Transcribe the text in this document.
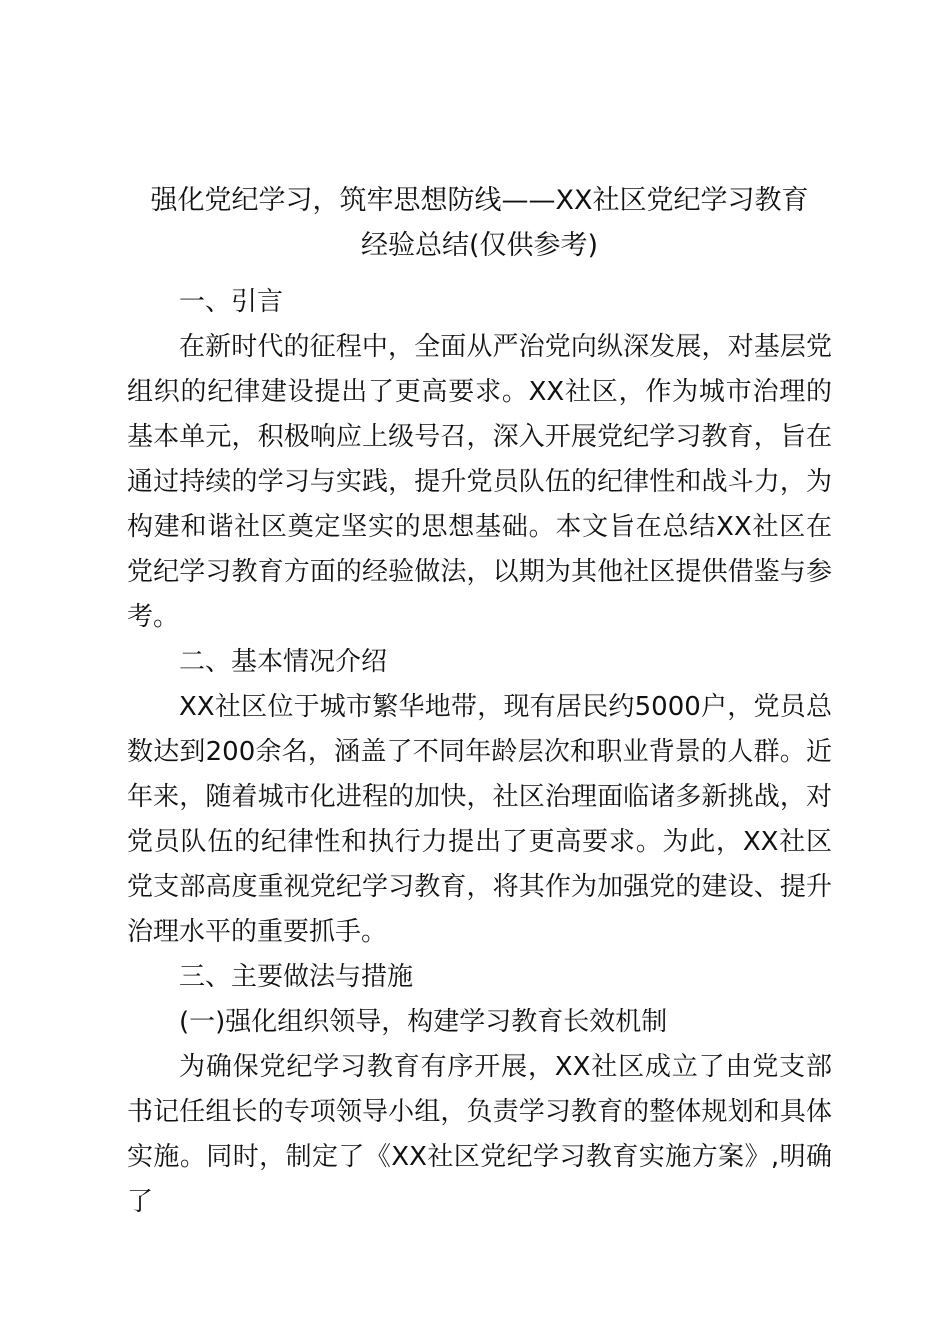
强化党纪学习，筑牢思想防线——XX社区党纪学习教育
经验总结(仅供参考)

一、引言

在新时代的征程中，全面从严治党向纵深发展，对基层党组织的纪律建设提出了更高要求。XX社区，作为城市治理的基本单元，积极响应上级号召，深入开展党纪学习教育，旨在通过持续的学习与实践，提升党员队伍的纪律性和战斗力，为构建和谐社区奠定坚实的思想基础。本文旨在总结XX社区在党纪学习教育方面的经验做法，以期为其他社区提供借鉴与参考。

二、基本情况介绍

XX社区位于城市繁华地带，现有居民约5000户，党员总数达到200余名，涵盖了不同年龄层次和职业背景的人群。近年来，随着城市化进程的加快，社区治理面临诸多新挑战，对党员队伍的纪律性和执行力提出了更高要求。为此，XX社区党支部高度重视党纪学习教育，将其作为加强党的建设、提升治理水平的重要抓手。

三、主要做法与措施

(一)强化组织领导，构建学习教育长效机制

为确保党纪学习教育有序开展，XX社区成立了由党支部书记任组长的专项领导小组，负责学习教育的整体规划和具体实施。同时，制定了《XX社区党纪学习教育实施方案》,明确了
